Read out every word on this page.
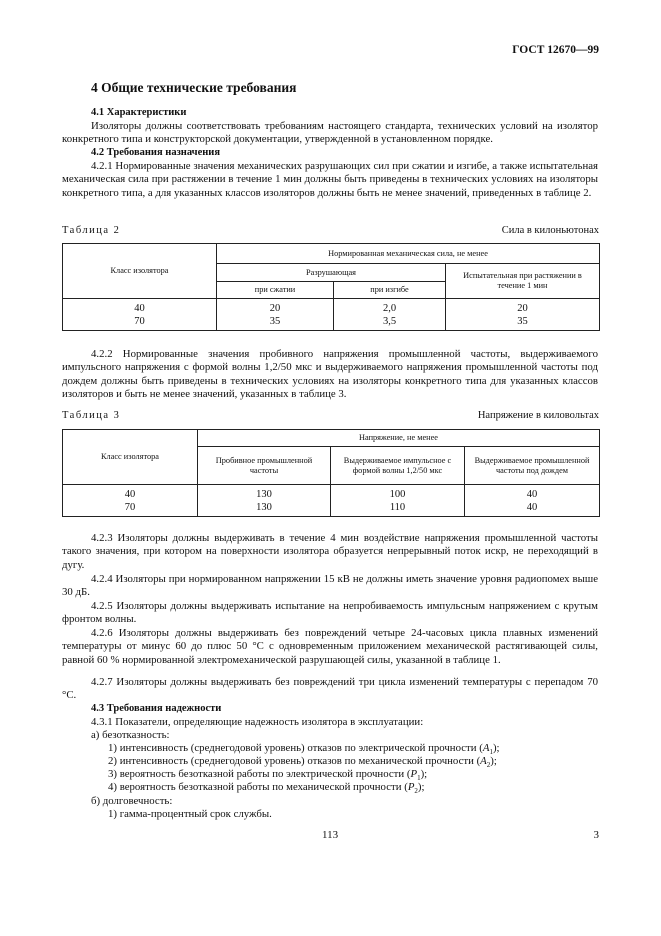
ГОСТ 12670—99
4 Общие технические требования
4.1 Характеристики
Изоляторы должны соответствовать требованиям настоящего стандарта, технических условий на изолятор конкретного типа и конструкторской документации, утвержденной в установленном порядке.
4.2 Требования назначения
4.2.1 Нормированные значения механических разрушающих сил при сжатии и изгибе, а также испытательная механическая сила при растяжении в течение 1 мин должны быть приведены в технических условиях на изоляторы конкретного типа, а для указанных классов изоляторов должны быть не менее значений, приведенных в таблице 2.
Таблица 2	Сила в килоньютонах
Класс изолятора	Нормированная механическая сила, не менее		
	Разрушающая		Испытательная при растяжении в течение 1 мин
	при сжатии	при изгибе	
40	20	2,0	20
70	35	3,5	35
4.2.2 Нормированные значения пробивного напряжения промышленной частоты, выдерживаемого импульсного напряжения с формой волны 1,2/50 мкс и выдерживаемого напряжения промышленной частоты под дождем должны быть приведены в технических условиях на изоляторы конкретного типа для указанных классов изоляторов и быть не менее значений, указанных в таблице 3.
Таблица 3	Напряжение в киловольтах
Класс изолятора	Напряжение, не менее		
	Пробивное промышленной частоты	Выдерживаемое импульсное с формой волны 1,2/50 мкс	Выдерживаемое промышленной частоты под дождем
40	130	100	40
70	130	110	40
4.2.3 Изоляторы должны выдерживать в течение 4 мин воздействие напряжения промышленной частоты такого значения, при котором на поверхности изолятора образуется непрерывный поток искр, не переходящий в дугу.
4.2.4 Изоляторы при нормированном напряжении 15 кВ не должны иметь значение уровня радиопомех выше 30 дБ.
4.2.5 Изоляторы должны выдерживать испытание на непробиваемость импульсным напряжением с крутым фронтом волны.
4.2.6 Изоляторы должны выдерживать без повреждений четыре 24-часовых цикла плавных изменений температуры от минус 60 до плюс 50 °С с одновременным приложением механической растягивающей силы, равной 60 % нормированной электромеханической разрушающей силы, указанной в таблице 1.
4.2.7 Изоляторы должны выдерживать без повреждений три цикла изменений температуры с перепадом 70 °С.
4.3 Требования надежности
4.3.1 Показатели, определяющие надежность изолятора в эксплуатации:
а) безотказность:
1) интенсивность (среднегодовой уровень) отказов по электрической прочности $(A_1)$;
2) интенсивность (среднегодовой уровень) отказов по механической прочности $(A_2)$;
3) вероятность безотказной работы по электрической прочности $(P_1)$;
4) вероятность безотказной работы по механической прочности $(P_2)$;
б) долговечность:
1) гамма-процентный срок службы.
113	3
